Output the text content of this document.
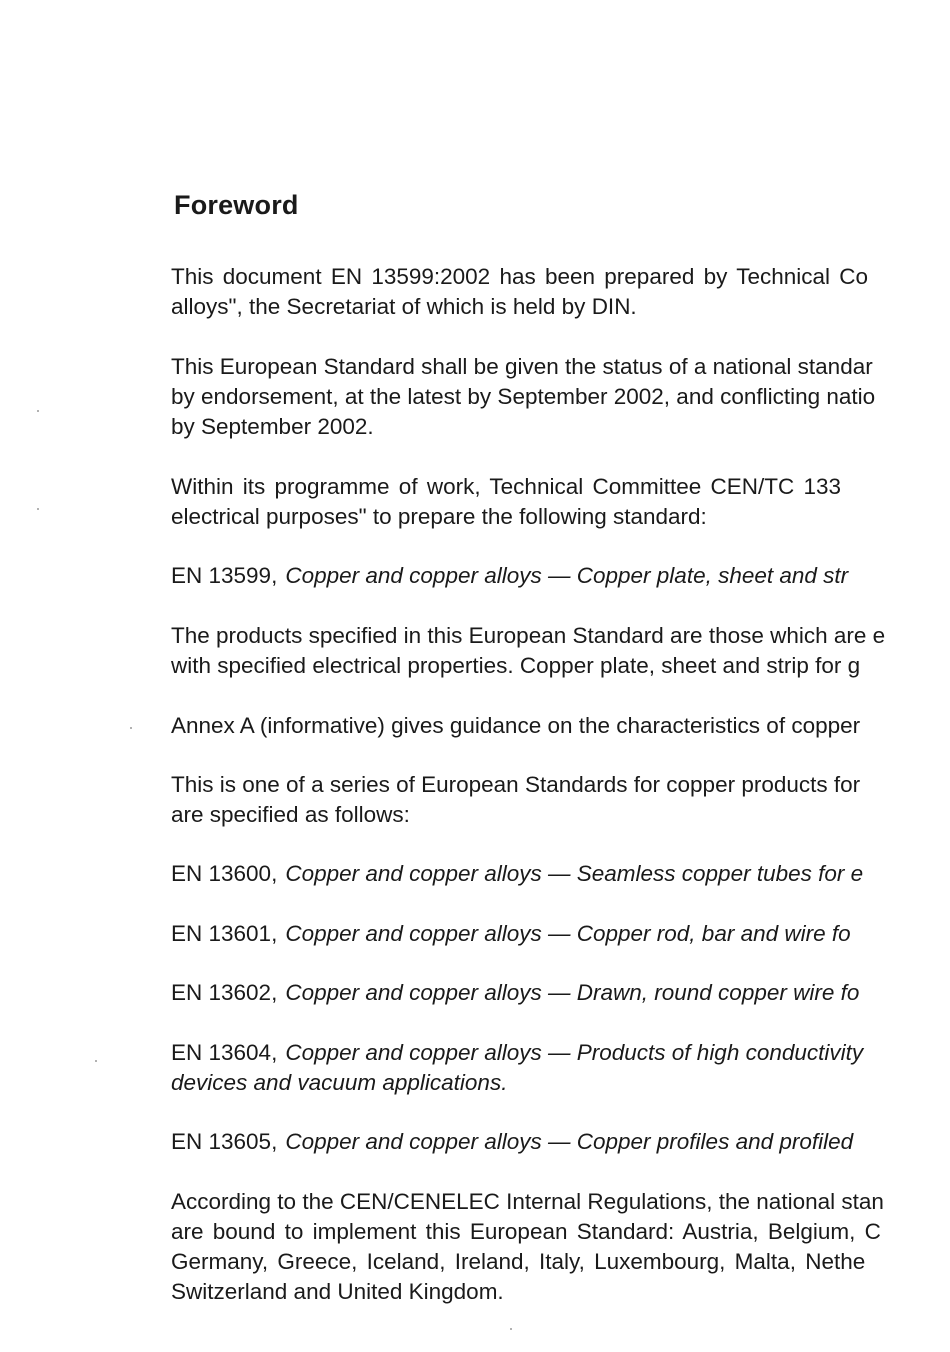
Foreword
This document EN 13599:2002 has been prepared by Technical Co
alloys", the Secretariat of which is held by DIN.
This European Standard shall be given the status of a national standar
by endorsement, at the latest by September 2002, and conflicting natio
by September 2002.
Within its programme of work, Technical Committee CEN/TC 133
electrical purposes" to prepare the following standard:
EN 13599, Copper and copper alloys — Copper plate, sheet and str
The products specified in this European Standard are those which are e
with specified electrical properties. Copper plate, sheet and strip for g
Annex A (informative) gives guidance on the characteristics of copper
This is one of a series of European Standards for copper products for
are specified as follows:
EN 13600, Copper and copper alloys — Seamless copper tubes for e
EN 13601, Copper and copper alloys — Copper rod, bar and wire fo
EN 13602, Copper and copper alloys — Drawn, round copper wire fo
EN 13604, Copper and copper alloys — Products of high conductivity
devices and vacuum applications.
EN 13605, Copper and copper alloys — Copper profiles and profiled
According to the CEN/CENELEC Internal Regulations, the national stan
are bound to implement this European Standard: Austria, Belgium, C
Germany, Greece, Iceland, Ireland, Italy, Luxembourg, Malta, Nethe
Switzerland and United Kingdom.
